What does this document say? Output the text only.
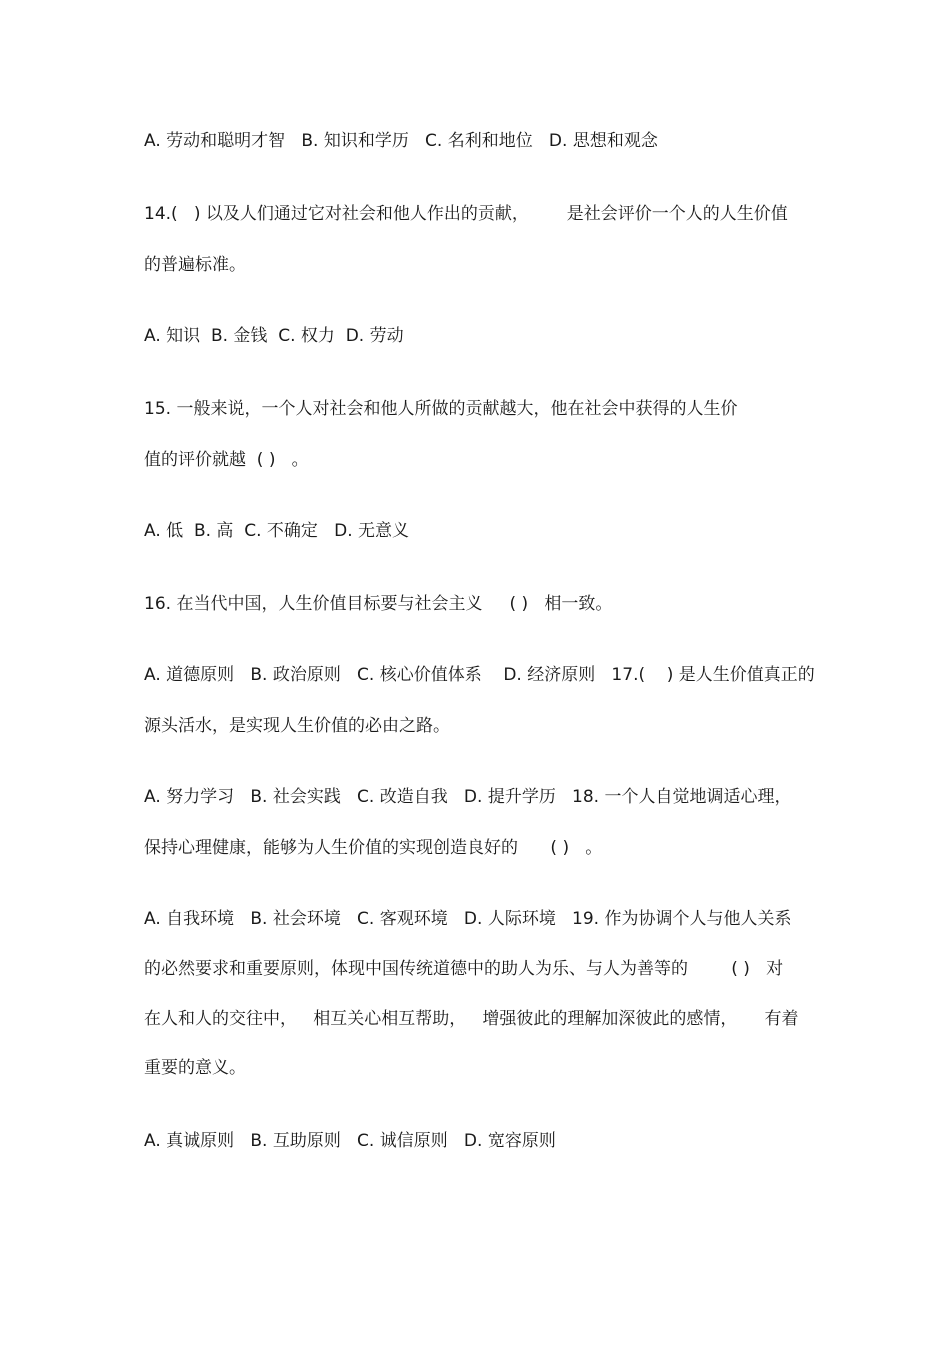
A. 劳动和聪明才智   B. 知识和学历   C. 名利和地位   D. 思想和观念
14.(   ) 以及人们通过它对社会和他人作出的贡献，       是社会评价一个人的人生价值
的普遍标准。
A. 知识  B. 金钱  C. 权力  D. 劳动
15. 一般来说，一个人对社会和他人所做的贡献越大，他在社会中获得的人生价
值的评价就越  ( )   。
A. 低  B. 高  C. 不确定   D. 无意义
16. 在当代中国，人生价值目标要与社会主义     ( )   相一致。
A. 道德原则   B. 政治原则   C. 核心价值体系    D. 经济原则   17.(    ) 是人生价值真正的
源头活水，是实现人生价值的必由之路。
A. 努力学习   B. 社会实践   C. 改造自我   D. 提升学历   18. 一个人自觉地调适心理，
保持心理健康，能够为人生价值的实现创造良好的      ( )   。
A. 自我环境   B. 社会环境   C. 客观环境   D. 人际环境   19. 作为协调个人与他人关系
的必然要求和重要原则，体现中国传统道德中的助人为乐、与人为善等的        ( )   对
在人和人的交往中，   相互关心相互帮助，   增强彼此的理解加深彼此的感情，     有着
重要的意义。
A. 真诚原则   B. 互助原则   C. 诚信原则   D. 宽容原则
